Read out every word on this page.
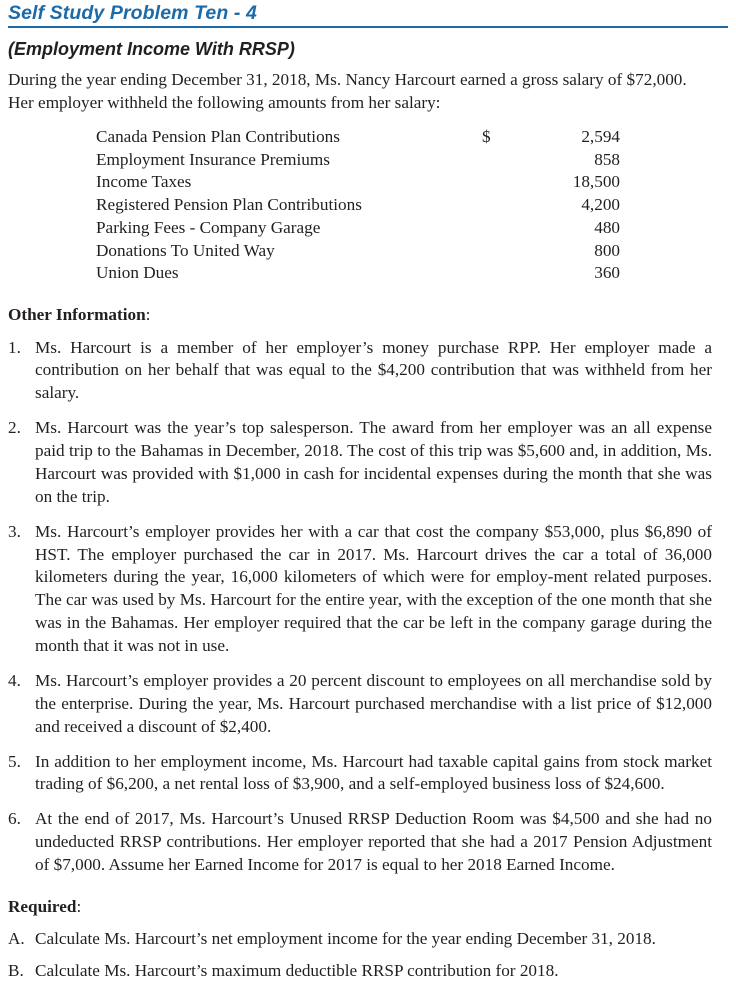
Self Study Problem Ten - 4
(Employment Income With RRSP)
During the year ending December 31, 2018, Ms. Nancy Harcourt earned a gross salary of $72,000. Her employer withheld the following amounts from her salary:
	Canada Pension Plan Contributions	$	2,594	
	Employment Insurance Premiums		858	
	Income Taxes		18,500	
	Registered Pension Plan Contributions		4,200	
	Parking Fees - Company Garage		480	
	Donations To United Way		800	
	Union Dues		360	
Other Information:
1. Ms. Harcourt is a member of her employer’s money purchase RPP. Her employer made a contribution on her behalf that was equal to the $4,200 contribution that was withheld from her salary.
2. Ms. Harcourt was the year’s top salesperson. The award from her employer was an all expense paid trip to the Bahamas in December, 2018. The cost of this trip was $5,600 and, in addition, Ms. Harcourt was provided with $1,000 in cash for incidental expenses during the month that she was on the trip.
3. Ms. Harcourt’s employer provides her with a car that cost the company $53,000, plus $6,890 of HST. The employer purchased the car in 2017. Ms. Harcourt drives the car a total of 36,000 kilometers during the year, 16,000 kilometers of which were for employ-ment related purposes. The car was used by Ms. Harcourt for the entire year, with the exception of the one month that she was in the Bahamas. Her employer required that the car be left in the company garage during the month that it was not in use.
4. Ms. Harcourt’s employer provides a 20 percent discount to employees on all merchandise sold by the enterprise. During the year, Ms. Harcourt purchased merchandise with a list price of $12,000 and received a discount of $2,400.
5. In addition to her employment income, Ms. Harcourt had taxable capital gains from stock market trading of $6,200, a net rental loss of $3,900, and a self-employed business loss of $24,600.
6. At the end of 2017, Ms. Harcourt’s Unused RRSP Deduction Room was $4,500 and she had no undeducted RRSP contributions. Her employer reported that she had a 2017 Pension Adjustment of $7,000. Assume her Earned Income for 2017 is equal to her 2018 Earned Income.
Required:
A. Calculate Ms. Harcourt’s net employment income for the year ending December 31, 2018.
B. Calculate Ms. Harcourt’s maximum deductible RRSP contribution for 2018.
